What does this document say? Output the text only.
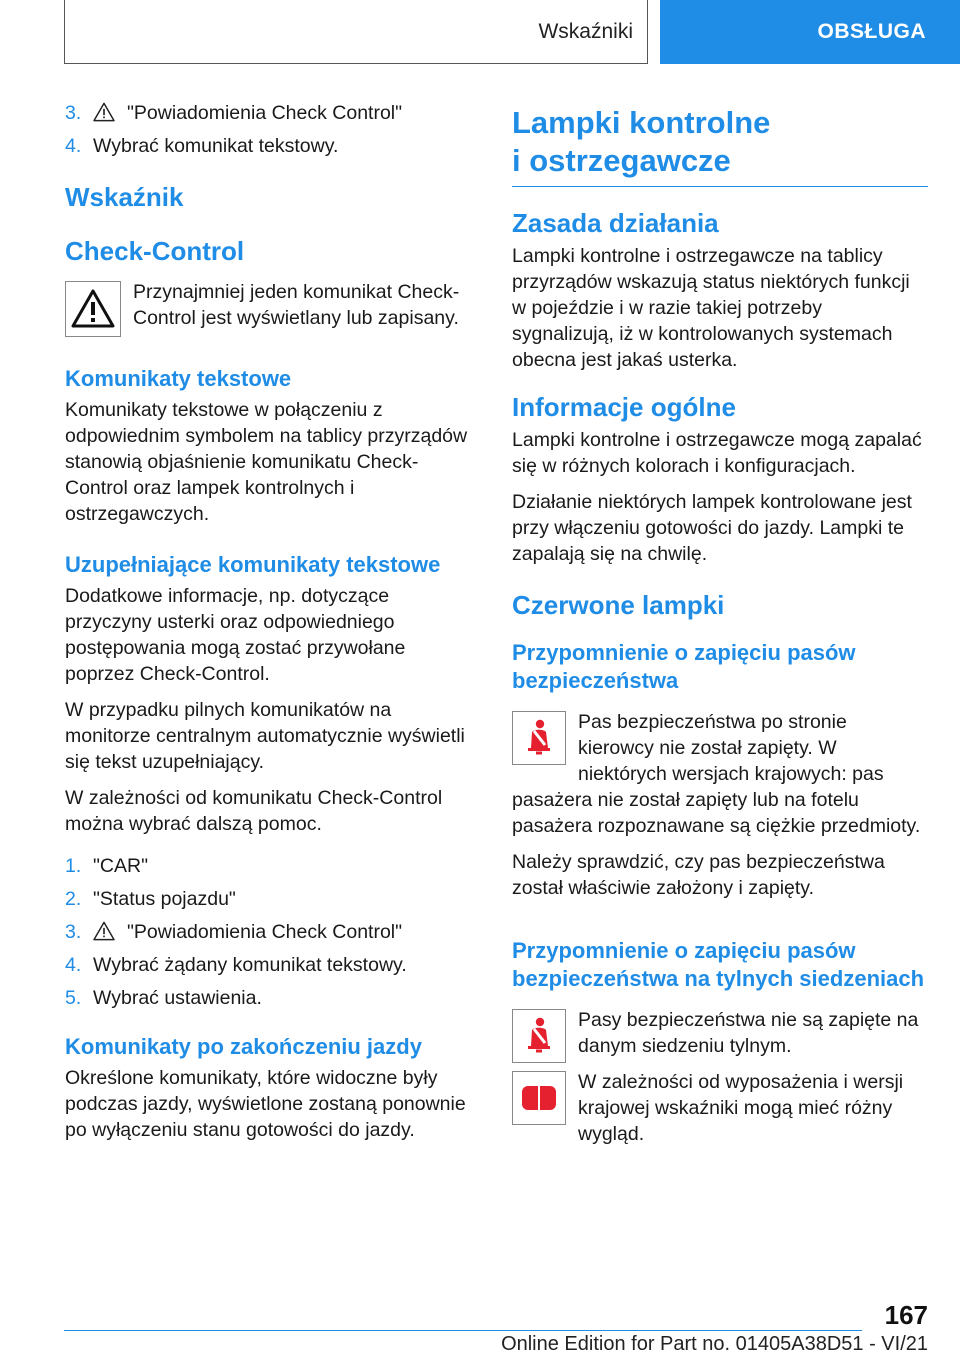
Wskaźniki	OBSŁUGA
3.	"Powiadomienia Check Control"
4. Wybrać komunikat tekstowy.
Wskaźnik
Check-Control

Przynajmniej jeden komunikat Check-Control jest wyświetlany lub zapisany.

Komunikaty tekstowe

Komunikaty tekstowe w połączeniu z odpowiednim symbolem na tablicy przyrządów stanowią objaśnienie komunikatu Check-Control oraz lampek kontrolnych i ostrzegawczych.

Uzupełniające komunikaty tekstowe

Dodatkowe informacje, np. dotyczące przyczyny usterki oraz odpowiedniego postępowania mogą zostać przywołane poprzez Check-Control.

W przypadku pilnych komunikatów na monitorze centralnym automatycznie wyświetli się tekst uzupełniający.

W zależności od komunikatu Check-Control można wybrać dalszą pomoc.

1. "CAR"
2. "Status pojazdu"
3.	"Powiadomienia Check Control"
4. Wybrać żądany komunikat tekstowy.
5. Wybrać ustawienia.
Komunikaty po zakończeniu jazdy

Określone komunikaty, które widoczne były podczas jazdy, wyświetlone zostaną ponownie po wyłączeniu stanu gotowości do jazdy.

Lampki kontrolne
i ostrzegawcze
Zasada działania

Lampki kontrolne i ostrzegawcze na tablicy przyrządów wskazują status niektórych funkcji w pojeździe i w razie takiej potrzeby sygnalizują, iż w kontrolowanych systemach obecna jest jakaś usterka.

Informacje ogólne

Lampki kontrolne i ostrzegawcze mogą zapalać się w różnych kolorach i konfiguracjach.

Działanie niektórych lampek kontrolowane jest przy włączeniu gotowości do jazdy. Lampki te zapalają się na chwilę.

Czerwone lampki
Przypomnienie o zapięciu pasów bezpieczeństwa

Pas bezpieczeństwa po stronie kierowcy nie został zapięty. W niektórych wersjach krajowych: pas pasażera nie został zapięty lub na fotelu pasażera rozpoznawane są ciężkie przedmioty.

Należy sprawdzić, czy pas bezpieczeństwa został właściwie założony i zapięty.

Przypomnienie o zapięciu pasów bezpieczeństwa na tylnych siedzeniach

Pasy bezpieczeństwa nie są zapięte na danym siedzeniu tylnym.

W zależności od wyposażenia i wersji krajowej wskaźniki mogą mieć różny wygląd.

167
Online Edition for Part no. 01405A38D51 - VI/21
